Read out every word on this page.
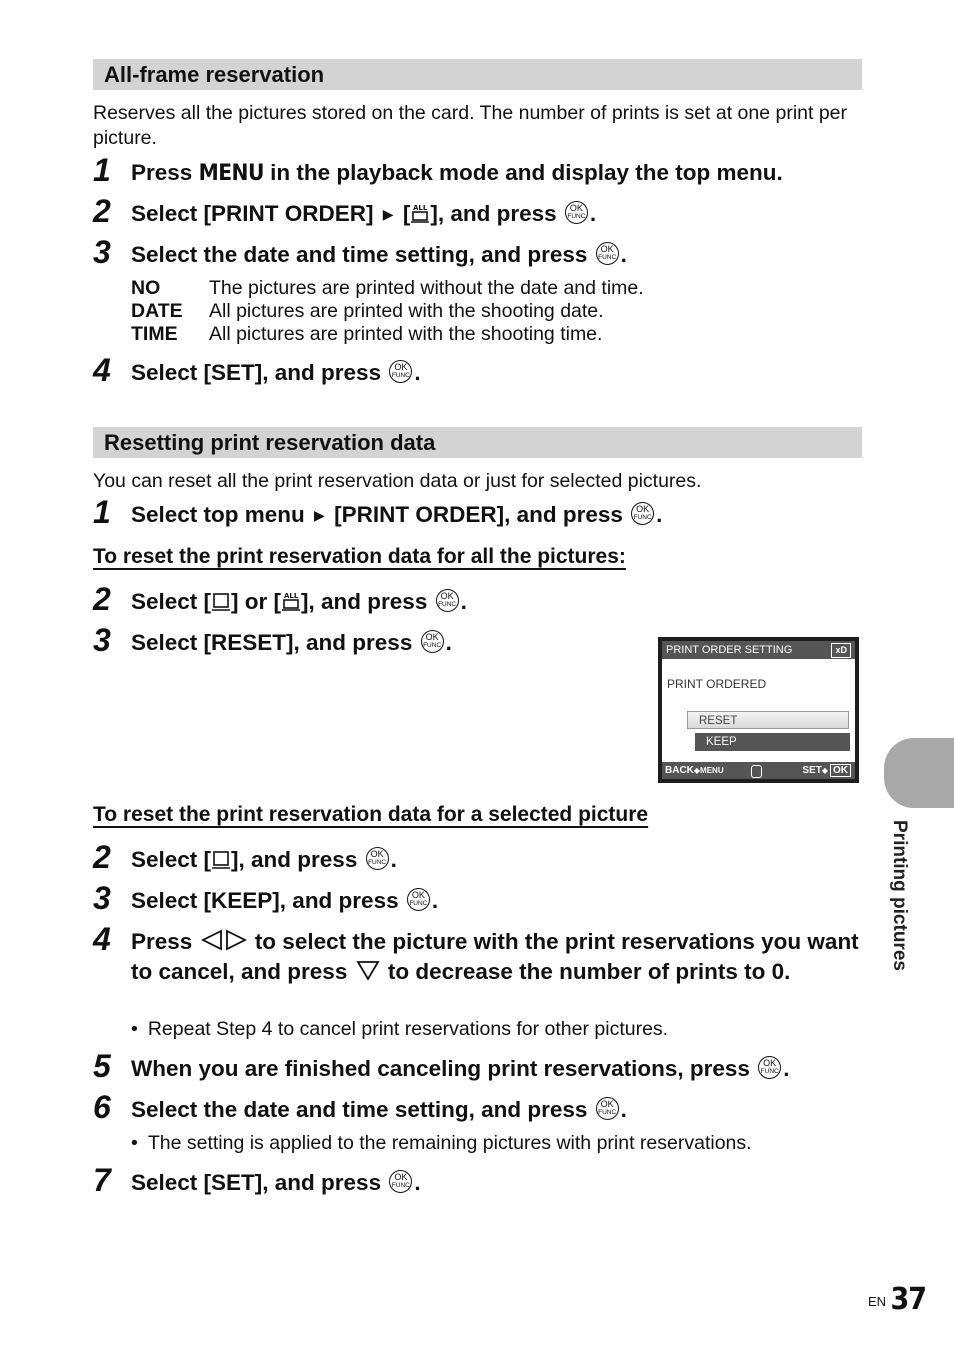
All-frame reservation
Reserves all the pictures stored on the card. The number of prints is set at one print per picture.
1 Press MENU in the playback mode and display the top menu.
2 Select [PRINT ORDER] ▶ [ ALL ], and press OK FUNC.
3 Select the date and time setting, and press OK FUNC.
NO	The pictures are printed without the date and time.
DATE All pictures are printed with the shooting date.
TIME All pictures are printed with the shooting time.
4 Select [SET], and press OK FUNC.
Resetting print reservation data
You can reset all the print reservation data or just for selected pictures.
1 Select top menu ▶ [PRINT ORDER], and press OK FUNC.
To reset the print reservation data for all the pictures:
2 Select [ ] or [ ALL ], and press OK FUNC.
3 Select [RESET], and press OK FUNC.	PRINT ORDER SETTING	xD
PRINT ORDERED
RESET
KEEP
BACK◆MENU	SET◆ OK
To reset the print reservation data for a selected picture
2 Select [ ], and press OK FUNC.
3 Select [KEEP], and press OK FUNC.
4 Press  to select the picture with the print reservations you want to cancel, and press  to decrease the number of prints to 0.
• Repeat Step 4 to cancel print reservations for other pictures.
5 When you are finished canceling print reservations, press OK FUNC.
6 Select the date and time setting, and press OK FUNC.
• The setting is applied to the remaining pictures with print reservations.
7 Select [SET], and press OK FUNC.
Printing pictures
EN 37
